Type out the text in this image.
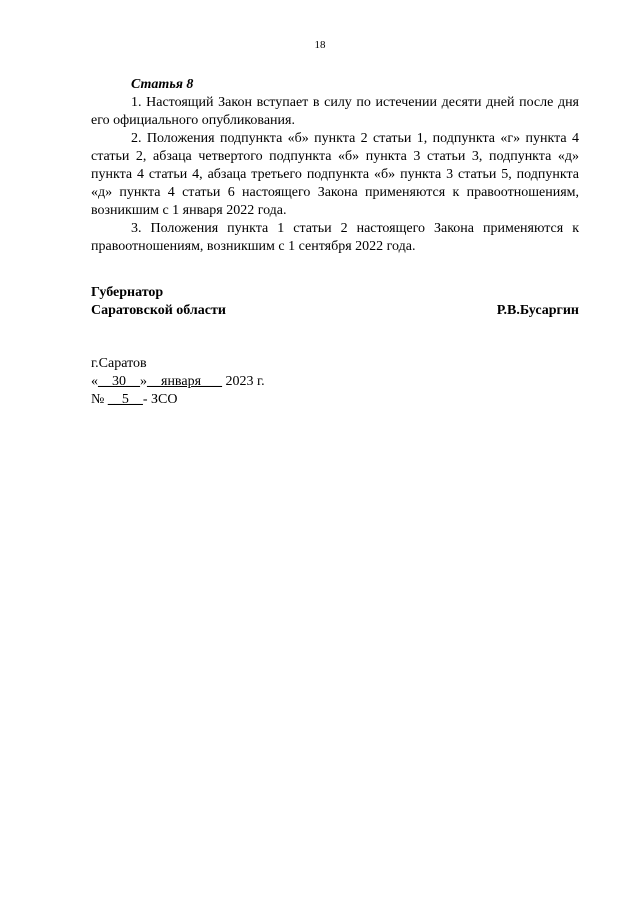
18

Статья 8

1. Настоящий Закон вступает в силу по истечении десяти дней после дня его официального опубликования.

2. Положения подпункта «б» пункта 2 статьи 1, подпункта «г» пункта 4 статьи 2, абзаца четвертого подпункта «б» пункта 3 статьи 3, подпункта «д» пункта 4 статьи 4, абзаца третьего подпункта «б» пункта 3 статьи 5, подпункта «д» пункта 4 статьи 6 настоящего Закона применяются к правоотношениям, возникшим с 1 января 2022 года.

3. Положения пункта 1 статьи 2 настоящего Закона применяются к правоотношениям, возникшим с 1 сентября 2022 года.

Губернатор
Саратовской области	Р.В.Бусаргин
г.Саратов
«__30__»__января___ 2023 г.
№ __5__- ЗСО
